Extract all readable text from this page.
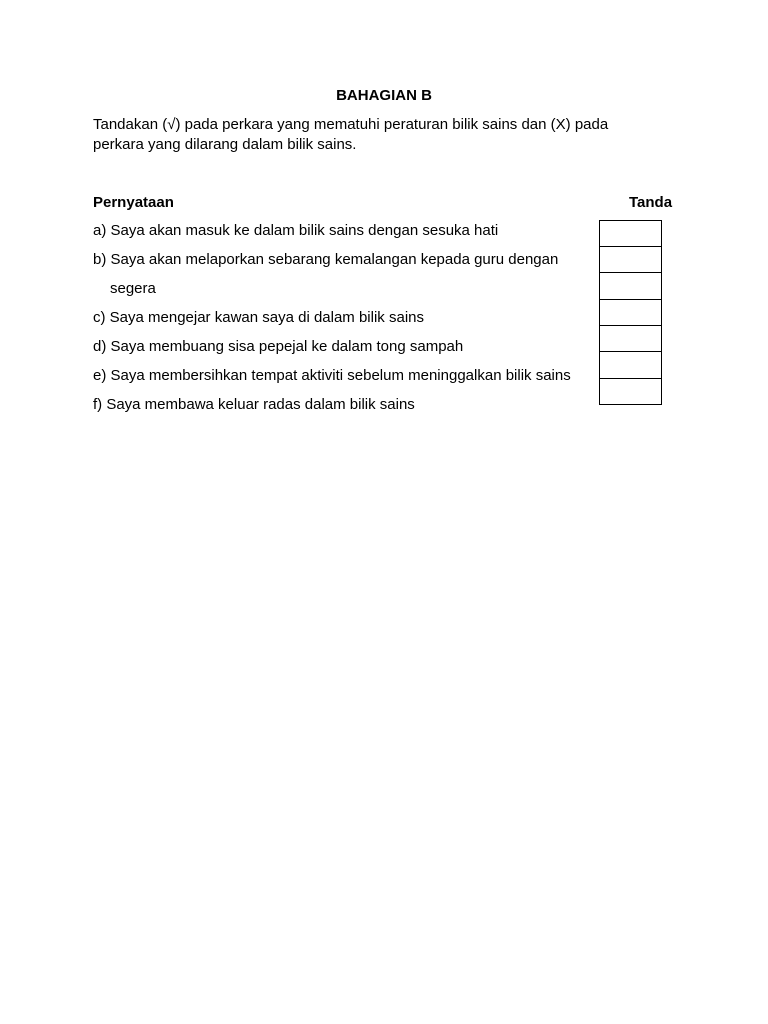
BAHAGIAN B
Tandakan (√) pada perkara yang mematuhi peraturan bilik sains dan (X) pada perkara yang dilarang dalam bilik sains.
Pernyataan	Tanda
a) Saya akan masuk ke dalam bilik sains dengan sesuka hati
b) Saya akan melaporkan sebarang kemalangan kepada guru dengan
segera
c) Saya mengejar kawan saya di dalam bilik sains
d) Saya membuang sisa pepejal ke dalam tong sampah
e) Saya membersihkan tempat aktiviti sebelum meninggalkan bilik sains
f) Saya membawa keluar radas dalam bilik sains
